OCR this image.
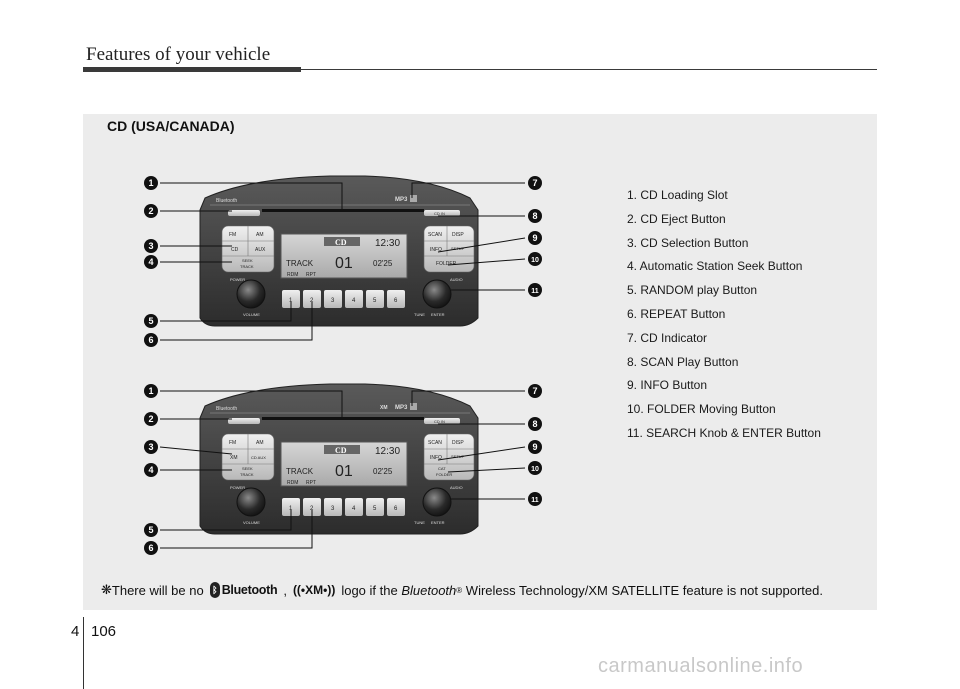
Features of your vehicle
CD (USA/CANADA)
Bluetooth	MP3
CD IN
FM	AM
CD	AUX
SEEK
TRACK
SCAN DISP
INFO SETUP
FOLDER
CD	12:30
TRACK 01	02'25
RDM RPT
POWER
VOLUME
AUDIO
TUNE ENTER
1	2	3	4	5	6
Bluetooth	XM MP3
CD IN
FM	AM
XM	CD AUX
SEEK
TRACK
SCAN DISP
INFO SETUP
CAT
FOLDER
CD	12:30
TRACK 01	02'25
RDM RPT
POWER
VOLUME
AUDIO
TUNE ENTER
1	2	3	4	5	6
1
2
3
4
5
6
7
8
9
10
11
1
2
3
4
5
6
7
8
9
10
11
1. CD Loading Slot
2. CD Eject Button
3. CD Selection Button
4. Automatic Station Seek Button
5. RANDOM play Button
6. REPEAT Button
7. CD Indicator
8. SCAN Play Button
9. INFO Button
10. FOLDER Moving Button
11. SEARCH Knob & ENTER Button
❋ There will be no ᛒ Bluetooth , ((•XM•)) logo if the
Bluetooth ®
Wireless Technology/XM SATELLITE feature is not supported.
4 106
carmanualsonline.info
